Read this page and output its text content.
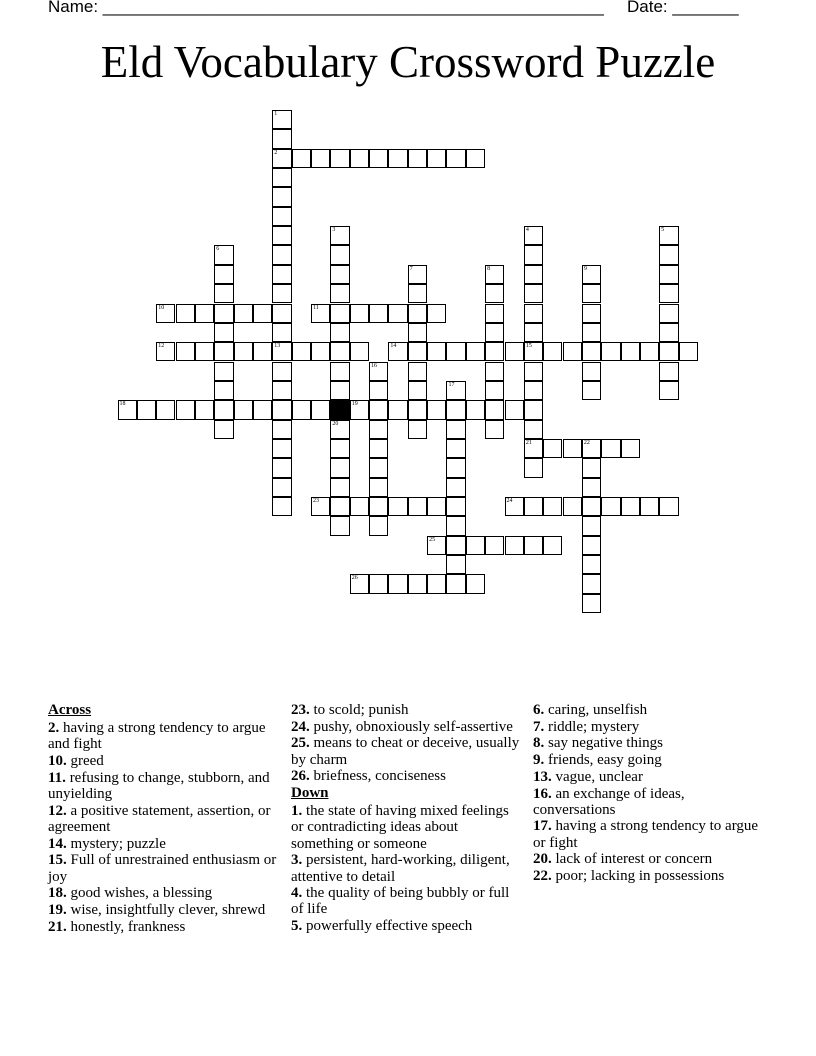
Name: _____________________________________________________ Date: _______
Eld Vocabulary Crossword Puzzle
2
10	11
12	13	14	15
18	19
21	22
23	24
25
26
1
3
20
4	5
6
7	8	9
16
17
Across
2. having a strong tendency to argue and fight
10. greed
11. refusing to change, stubborn, and unyielding
12. a positive statement, assertion, or agreement
14. mystery; puzzle
15. Full of unrestrained enthusiasm or joy
18. good wishes, a blessing
19. wise, insightfully clever, shrewd
21. honestly, frankness
23. to scold; punish
24. pushy, obnoxiously self-assertive
25. means to cheat or deceive, usually by charm
26. briefness, conciseness
Down
1. the state of having mixed feelings or contradicting ideas about something or someone
3. persistent, hard-working, diligent, attentive to detail
4. the quality of being bubbly or full of life
5. powerfully effective speech
6. caring, unselfish
7. riddle; mystery
8. say negative things
9. friends, easy going
13. vague, unclear
16. an exchange of ideas, conversations
17. having a strong tendency to argue or fight
20. lack of interest or concern
22. poor; lacking in possessions
